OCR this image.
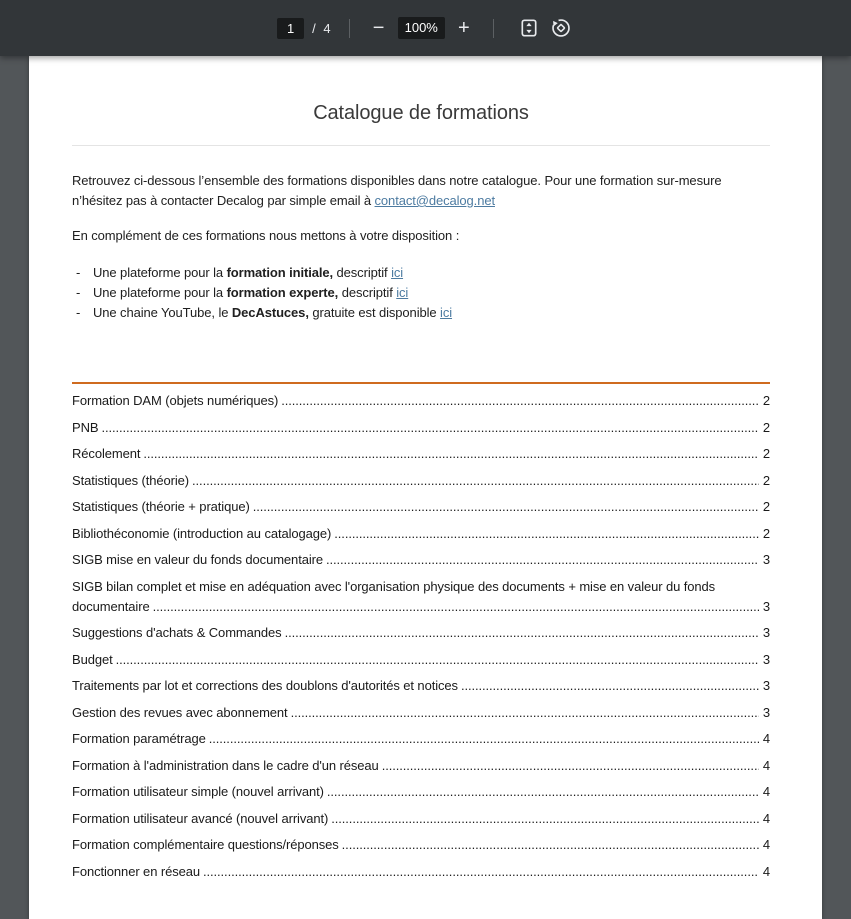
1
/ 4	−	100%	+
Catalogue de formations

Retrouvez ci-dessous l’ensemble des formations disponibles dans notre catalogue. Pour une formation sur-mesure
n’hésitez pas à contacter Decalog par simple email à contact@decalog.net

En complément de ces formations nous mettons à votre disposition :

- Une plateforme pour la formation initiale, descriptif ici
- Une plateforme pour la formation experte, descriptif ici
- Une chaine YouTube, le DecAstuces, gratuite est disponible ici
Formation DAM (objets numériques) .....	2
PNB .....	2
Récolement .....	2
Statistiques (théorie) .....	2
Statistiques (théorie + pratique) .....	2
Bibliothéconomie (introduction au catalogage) .....	2
SIGB mise en valeur du fonds documentaire .....	3
SIGB bilan complet et mise en adéquation avec l'organisation physique des documents + mise en valeur du fonds
documentaire .....	3
Suggestions d'achats & Commandes .....	3
Budget .....	3
Traitements par lot et corrections des doublons d'autorités et notices .....	3
Gestion des revues avec abonnement .....	3
Formation paramétrage .....	4
Formation à l'administration dans le cadre d'un réseau .....	4
Formation utilisateur simple (nouvel arrivant) .....	4
Formation utilisateur avancé (nouvel arrivant) .....	4
Formation complémentaire questions/réponses .....	4
Fonctionner en réseau .....	4
